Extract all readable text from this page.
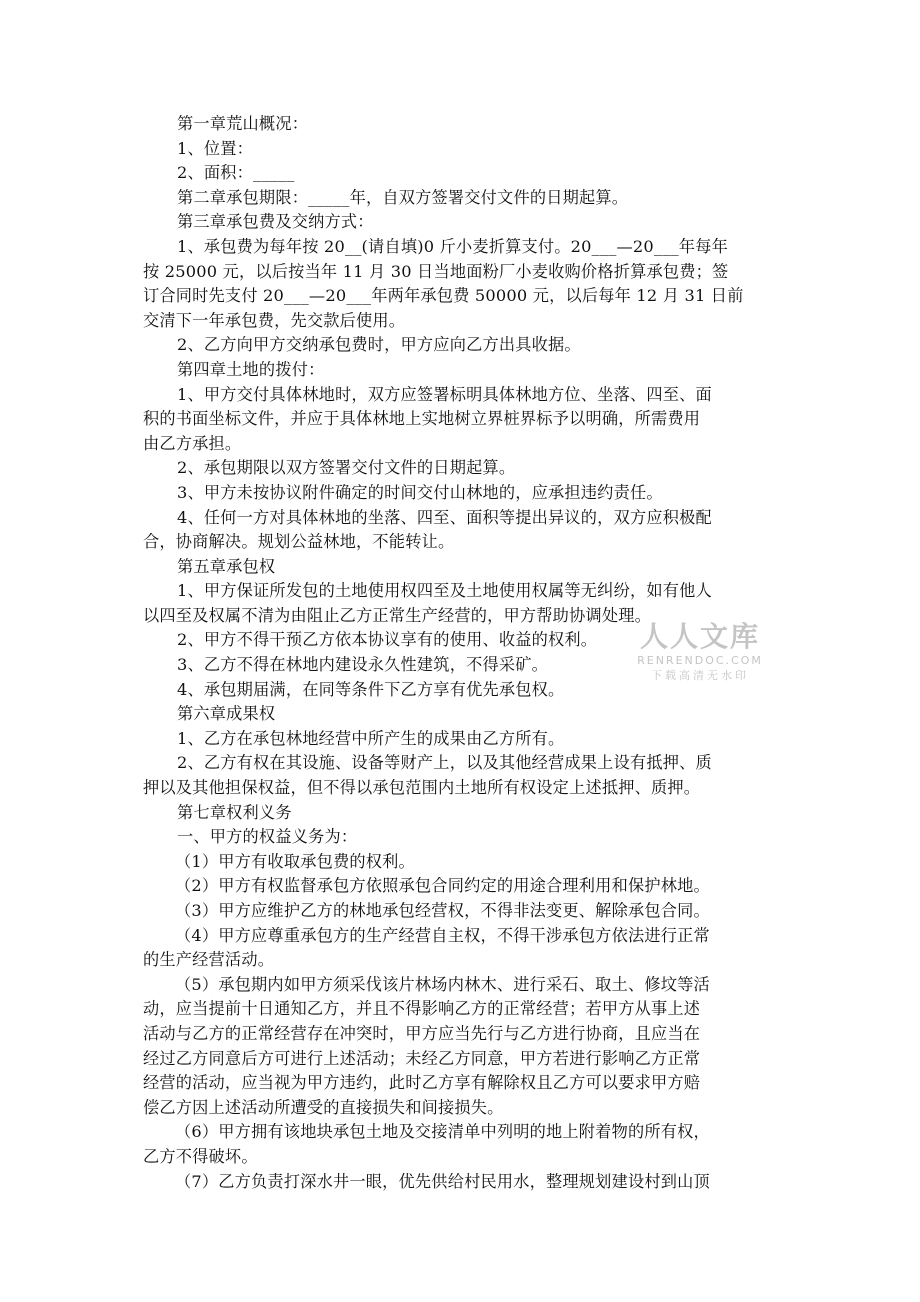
第一章荒山概况：
1、位置：
2、面积：_____
第二章承包期限：_____年，自双方签署交付文件的日期起算。
第三章承包费及交纳方式：
1、承包费为每年按 20__(请自填)0 斤小麦折算支付。20___—20___年每年
按 25000 元，以后按当年 11 月 30 日当地面粉厂小麦收购价格折算承包费；签
订合同时先支付 20___—20___年两年承包费 50000 元，以后每年 12 月 31 日前
交清下一年承包费，先交款后使用。
2、乙方向甲方交纳承包费时，甲方应向乙方出具收据。
第四章土地的拨付：
1、甲方交付具体林地时，双方应签署标明具体林地方位、坐落、四至、面
积的书面坐标文件，并应于具体林地上实地树立界桩界标予以明确，所需费用
由乙方承担。
2、承包期限以双方签署交付文件的日期起算。
3、甲方未按协议附件确定的时间交付山林地的，应承担违约责任。
4、任何一方对具体林地的坐落、四至、面积等提出异议的，双方应积极配
合，协商解决。规划公益林地，不能转让。
第五章承包权
1、甲方保证所发包的土地使用权四至及土地使用权属等无纠纷，如有他人
以四至及权属不清为由阻止乙方正常生产经营的，甲方帮助协调处理。
2、甲方不得干预乙方依本协议享有的使用、收益的权利。
3、乙方不得在林地内建设永久性建筑，不得采矿。
4、承包期届满，在同等条件下乙方享有优先承包权。
第六章成果权
1、乙方在承包林地经营中所产生的成果由乙方所有。
2、乙方有权在其设施、设备等财产上，以及其他经营成果上设有抵押、质
押以及其他担保权益，但不得以承包范围内土地所有权设定上述抵押、质押。
第七章权利义务
一、甲方的权益义务为：
（1）甲方有收取承包费的权利。
（2）甲方有权监督承包方依照承包合同约定的用途合理利用和保护林地。
（3）甲方应维护乙方的林地承包经营权，不得非法变更、解除承包合同。
（4）甲方应尊重承包方的生产经营自主权，不得干涉承包方依法进行正常
的生产经营活动。
（5）承包期内如甲方须采伐该片林场内林木、进行采石、取土、修坟等活
动，应当提前十日通知乙方，并且不得影响乙方的正常经营；若甲方从事上述
活动与乙方的正常经营存在冲突时，甲方应当先行与乙方进行协商，且应当在
经过乙方同意后方可进行上述活动；未经乙方同意，甲方若进行影响乙方正常
经营的活动，应当视为甲方违约，此时乙方享有解除权且乙方可以要求甲方赔
偿乙方因上述活动所遭受的直接损失和间接损失。
（6）甲方拥有该地块承包土地及交接清单中列明的地上附着物的所有权，
乙方不得破坏。
（7）乙方负责打深水井一眼，优先供给村民用水，整理规划建设村到山顶
人人文库
RENRENDOC.COM
下载高清无水印
